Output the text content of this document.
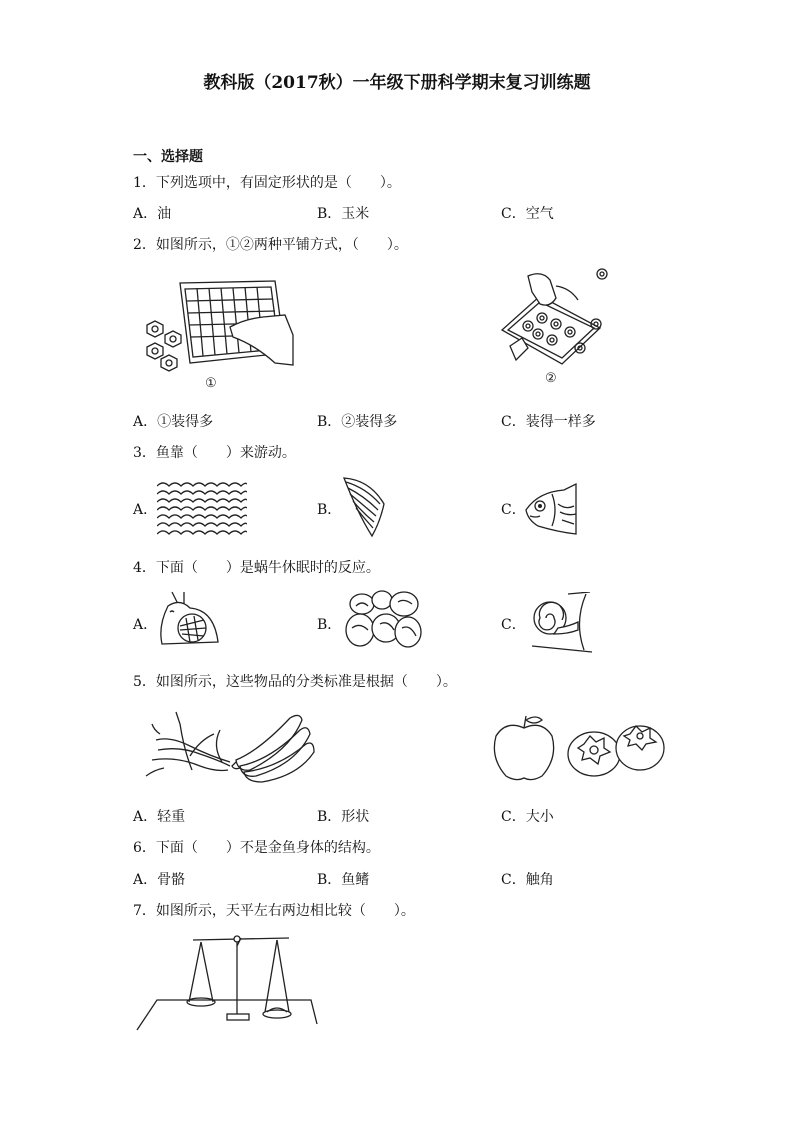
教科版（2017秋）一年级下册科学期末复习训练题
一、选择题
1．下列选项中，有固定形状的是（　　）。
A．油	B．玉米	C．空气
2．如图所示，①②两种平铺方式，（　　）。
①	②
A．①装得多	B．②装得多	C．装得一样多
3．鱼靠（　　）来游动。
A．	B．	C．
4．下面（　　）是蜗牛休眠时的反应。
A．	B．	C．
5．如图所示，这些物品的分类标准是根据（　　）。
A．轻重	B．形状	C．大小
6．下面（　　）不是金鱼身体的结构。
A．骨骼	B．鱼鳍	C．触角
7．如图所示，天平左右两边相比较（　　）。
